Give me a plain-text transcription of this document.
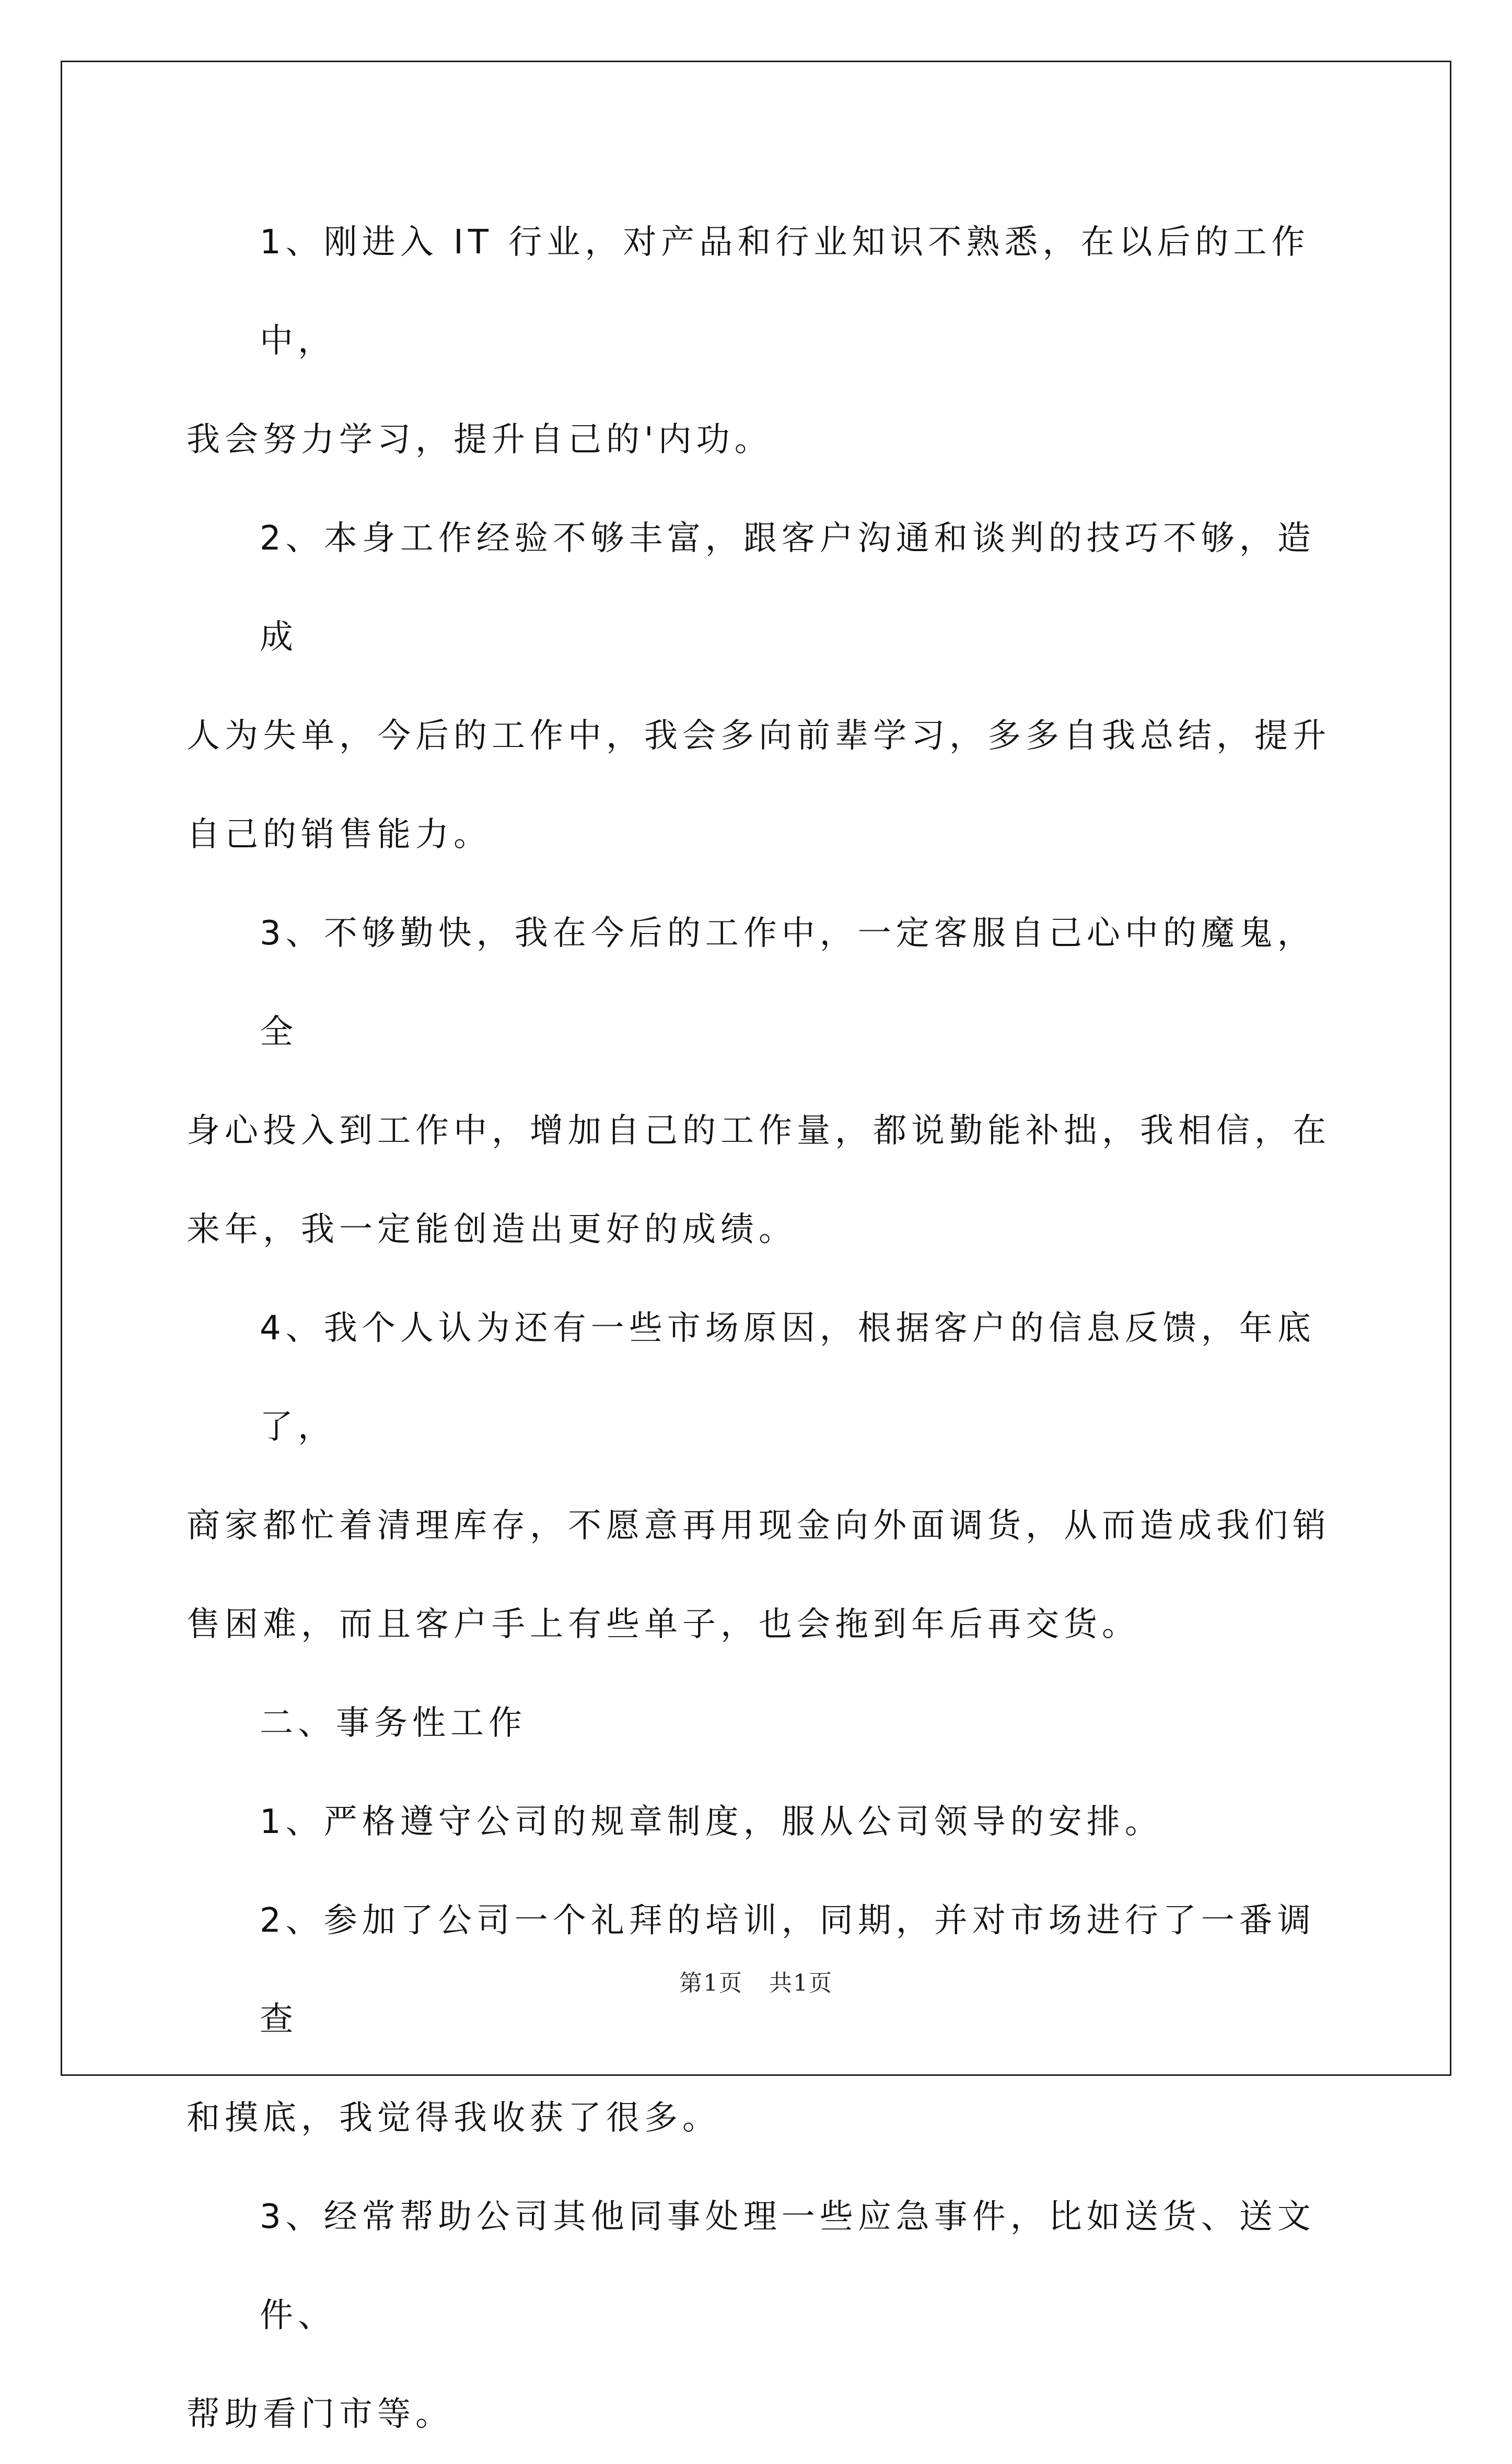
1、刚进入 IT 行业，对产品和行业知识不熟悉，在以后的工作中，
我会努力学习，提升自己的'内功。

2、本身工作经验不够丰富，跟客户沟通和谈判的技巧不够，造成
人为失单，今后的工作中，我会多向前辈学习，多多自我总结，提升
自己的销售能力。

3、不够勤快，我在今后的工作中，一定客服自己心中的魔鬼，全
身心投入到工作中，增加自己的工作量，都说勤能补拙，我相信，在
来年，我一定能创造出更好的成绩。

4、我个人认为还有一些市场原因，根据客户的信息反馈，年底了，
商家都忙着清理库存，不愿意再用现金向外面调货，从而造成我们销
售困难，而且客户手上有些单子，也会拖到年后再交货。

二、事务性工作

1、严格遵守公司的规章制度，服从公司领导的安排。

2、参加了公司一个礼拜的培训，同期，并对市场进行了一番调查
和摸底，我觉得我收获了很多。

3、经常帮助公司其他同事处理一些应急事件，比如送货、送文件、
帮助看门市等。

第1页 共1页
